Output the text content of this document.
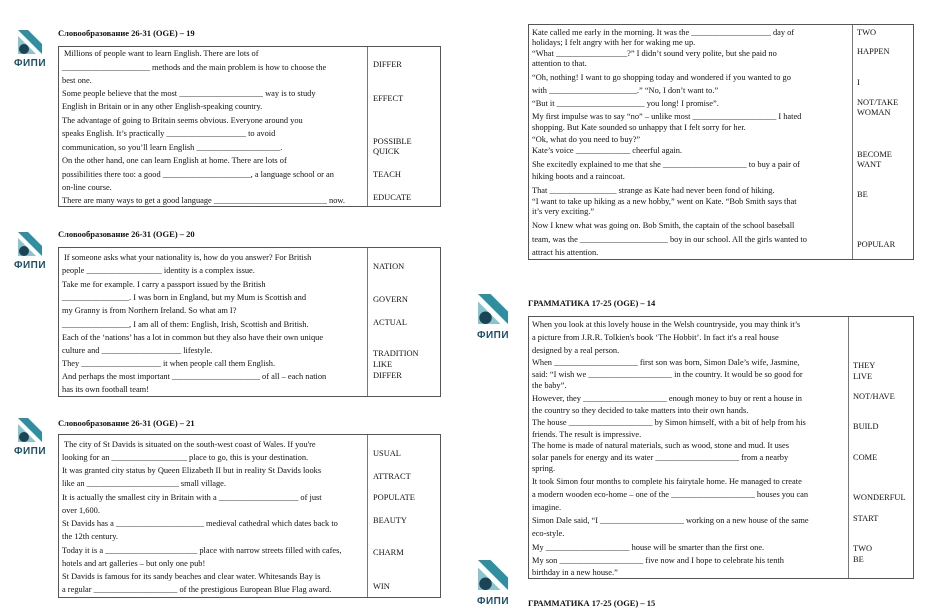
ФИПИ
ФИПИ
ФИПИ
ФИПИ
ФИПИ
Словообразование 26-31 (OGE) – 19
Millions of people want to learn English. There are lots of
_____________________ methods and the main problem is how to choose the
best one.
Some people believe that the most ____________________ way is to study
English in Britain or in any other English-speaking country.
The advantage of going to Britain seems obvious. Everyone around you
speaks English. It’s practically ___________________ to avoid
communication, so you’ll learn English ____________________.
On the other hand, one can learn English at home. There are lots of
possibilities there too: a good _____________________, a language school or an
on-line course.
There are many ways to get a good language ___________________________ now.
DIFFER
EFFECT
POSSIBLE
QUICK
TEACH
EDUCATE
Словообразование 26-31 (OGE) – 20
If someone asks what your nationality is, how do you answer? For British
people __________________ identity is a complex issue.
Take me for example. I carry a passport issued by the British
________________. I was born in England, but my Mum is Scottish and
my Granny is from Northern Ireland. So what am I?
________________, I am all of them: English, Irish, Scottish and British.
Each of the ‘nations’ has a lot in common but they also have their own unique
culture and ___________________ lifestyle.
They ___________________ it when people call them English.
And perhaps the most important _____________________ of all – each nation
has its own football team!
NATION
GOVERN
ACTUAL
TRADITION
LIKE
DIFFER
Словообразование 26-31 (OGE) – 21
The city of St Davids is situated on the south-west coast of Wales. If you're
looking for an __________________ place to go, this is your destination.
It was granted city status by Queen Elizabeth II but in reality St Davids looks
like an ______________________ small village.
It is actually the smallest city in Britain with a ___________________ of just
over 1,600.
St Davids has a _____________________ medieval cathedral which dates back to
the 12th century.
Today it is a ______________________ place with narrow streets filled with cafes,
hotels and art galleries – but only one pub!
St Davids is famous for its sandy beaches and clear water. Whitesands Bay is
a regular ____________________ of the prestigious European Blue Flag award.
USUAL
ATTRACT
POPULATE
BEAUTY
CHARM
WIN
Kate called me early in the morning. It was the ___________________ day of
holidays; I felt angry with her for waking me up.
“What _________________?” I didn’t sound very polite, but she paid no
attention to that.
“Oh, nothing! I want to go shopping today and wondered if you wanted to go
with _____________________.” “No, I don’t want to.”
“But it _____________________ you long! I promise”.
My first impulse was to say “no” – unlike most ____________________ I hated
shopping. But Kate sounded so unhappy that I felt sorry for her.
“Ok, what do you need to buy?”
Kate’s voice _____________ cheerful again.
She excitedly explained to me that she ____________________ to buy a pair of
hiking boots and a raincoat.
That ________________ strange as Kate had never been fond of hiking.
“I want to take up hiking as a new hobby,” went on Kate. “Bob Smith says that
it’s very exciting.”
Now I knew what was going on. Bob Smith, the captain of the school baseball
team, was the _____________________ boy in our school. All the girls wanted to
attract his attention.
TWO
HAPPEN
I
NOT/TAKE
WOMAN
BECOME
WANT
BE
POPULAR
ГРАММАТИКА 17-25 (OGE) – 14
When you look at this lovely house in the Welsh countryside, you may think it’s
a picture from J.R.R. Tolkien's book ‘The Hobbit’. In fact it's a real house
designed by a real person.
When ____________________ first son was born, Simon Dale’s wife, Jasmine,
said: “I wish we ____________________ in the country. It would be so good for
the baby”.
However, they ____________________ enough money to buy or rent a house in
the country so they decided to take matters into their own hands.
The house ____________________ by Simon himself, with a bit of help from his
friends. The result is impressive.
The home is made of natural materials, such as wood, stone and mud. It uses
solar panels for energy and its water ____________________ from a nearby
spring.
It took Simon four months to complete his fairytale home. He managed to create
a modern wooden eco-home – one of the ____________________ houses you can
imagine.
Simon Dale said, “I ____________________ working on a new house of the same
eco-style.
My ____________________ house will be smarter than the first one.
My son ____________________ five now and I hope to celebrate his tenth
birthday in a new house.”
THEY
LIVE
NOT/HAVE
BUILD
COME
WONDERFUL
START
TWO
BE
ГРАММАТИКА 17-25 (OGE) – 15
